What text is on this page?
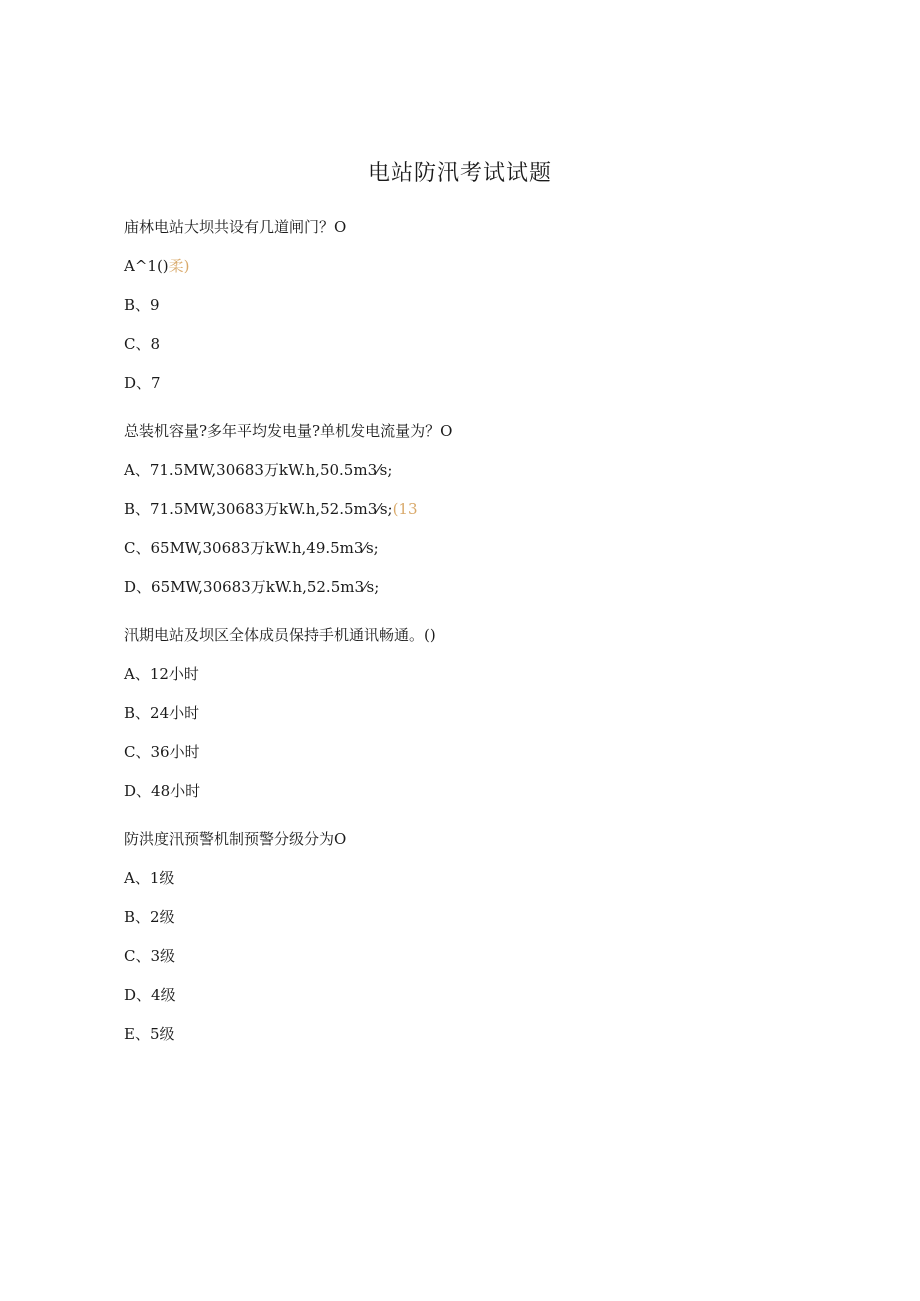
电站防汛考试试题
庙林电站大坝共设有几道闸门？O
A^1()柔)
B、9
C、8
D、7
总装机容量?多年平均发电量?单机发电流量为？O
A、71.5MW,30683万kW.h,50.5m3⁄s;
B、71.5MW,30683万kW.h,52.5m3⁄s;(13
C、65MW,30683万kW.h,49.5m3⁄s;
D、65MW,30683万kW.h,52.5m3⁄s;
汛期电站及坝区全体成员保持手机通讯畅通。()
A、12小时
B、24小时
C、36小时
D、48小时
防洪度汛预警机制预警分级分为O
A、1级
B、2级
C、3级
D、4级
E、5级
